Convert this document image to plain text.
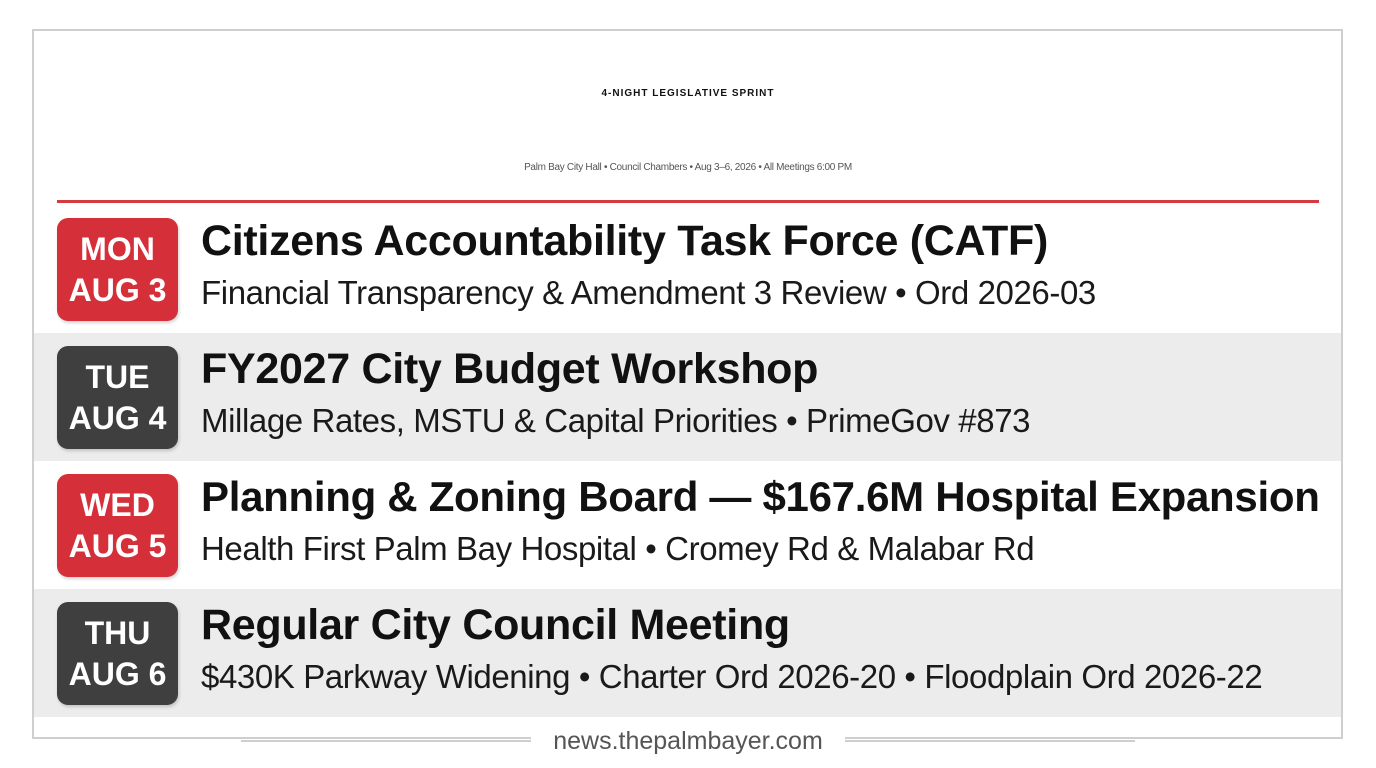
4-NIGHT LEGISLATIVE SPRINT
Palm Bay City Hall • Council Chambers • Aug 3–6, 2026 • All Meetings 6:00 PM
MON
AUG 3
Citizens Accountability Task Force (CATF)
Financial Transparency & Amendment 3 Review • Ord 2026-03
TUE
AUG 4
FY2027 City Budget Workshop
Millage Rates, MSTU & Capital Priorities • PrimeGov #873
WED
AUG 5
Planning & Zoning Board — $167.6M Hospital Expansion
Health First Palm Bay Hospital • Cromey Rd & Malabar Rd
THU
AUG 6
Regular City Council Meeting
$430K Parkway Widening • Charter Ord 2026-20 • Floodplain Ord 2026-22
news.thepalmbayer.com
